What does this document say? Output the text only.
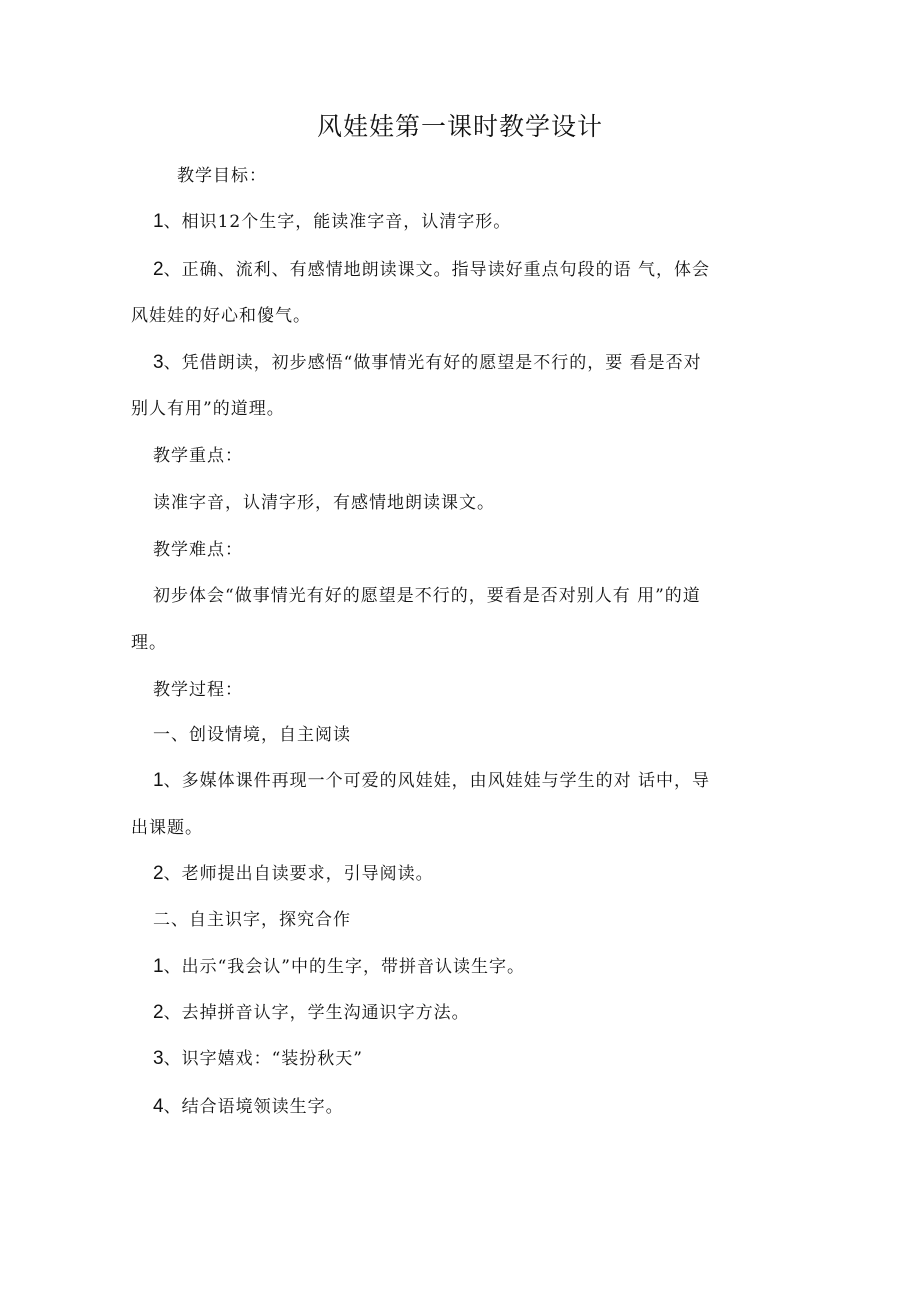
风娃娃第一课时教学设计
教学目标：
1、相识12个生字，能读准字音，认清字形。
2、正确、流利、有感情地朗读课文。指导读好重点句段的语 气，体会
风娃娃的好心和傻气。
3、凭借朗读，初步感悟“做事情光有好的愿望是不行的，要 看是否对
别人有用”的道理。
教学重点：
读准字音，认清字形，有感情地朗读课文。
教学难点：
初步体会“做事情光有好的愿望是不行的，要看是否对别人有 用”的道
理。
教学过程：
一、创设情境，自主阅读
1、多媒体课件再现一个可爱的风娃娃，由风娃娃与学生的对 话中，导
出课题。
2、老师提出自读要求，引导阅读。
二、自主识字，探究合作
1、出示“我会认”中的生字，带拼音认读生字。
2、去掉拼音认字，学生沟通识字方法。
3、识字嬉戏：“装扮秋天”
4、结合语境领读生字。
